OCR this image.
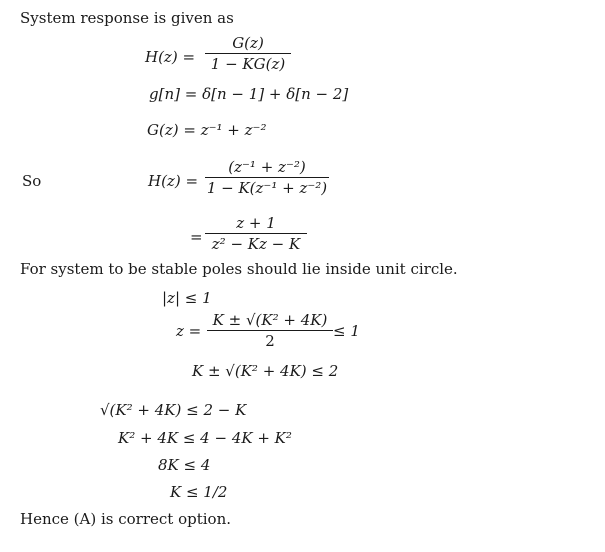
System response is given as
H(z) =
G(z)
1 − KG(z)
g[n] = δ[n − 1] + δ[n − 2]
G(z) = z⁻¹ + z⁻²
So	H(z) =
(z⁻¹ + z⁻²)
1 − K(z⁻¹ + z⁻²)
=
z + 1
z² − Kz − K
For system to be stable poles should lie inside unit circle.
|z| ≤ 1
z =
K ± √(K² + 4K)
2
≤ 1
K ± √(K² + 4K) ≤ 2
√(K² + 4K) ≤ 2 − K
K² + 4K ≤ 4 − 4K + K²
8K ≤ 4
K ≤ 1/2
Hence (A) is correct option.
